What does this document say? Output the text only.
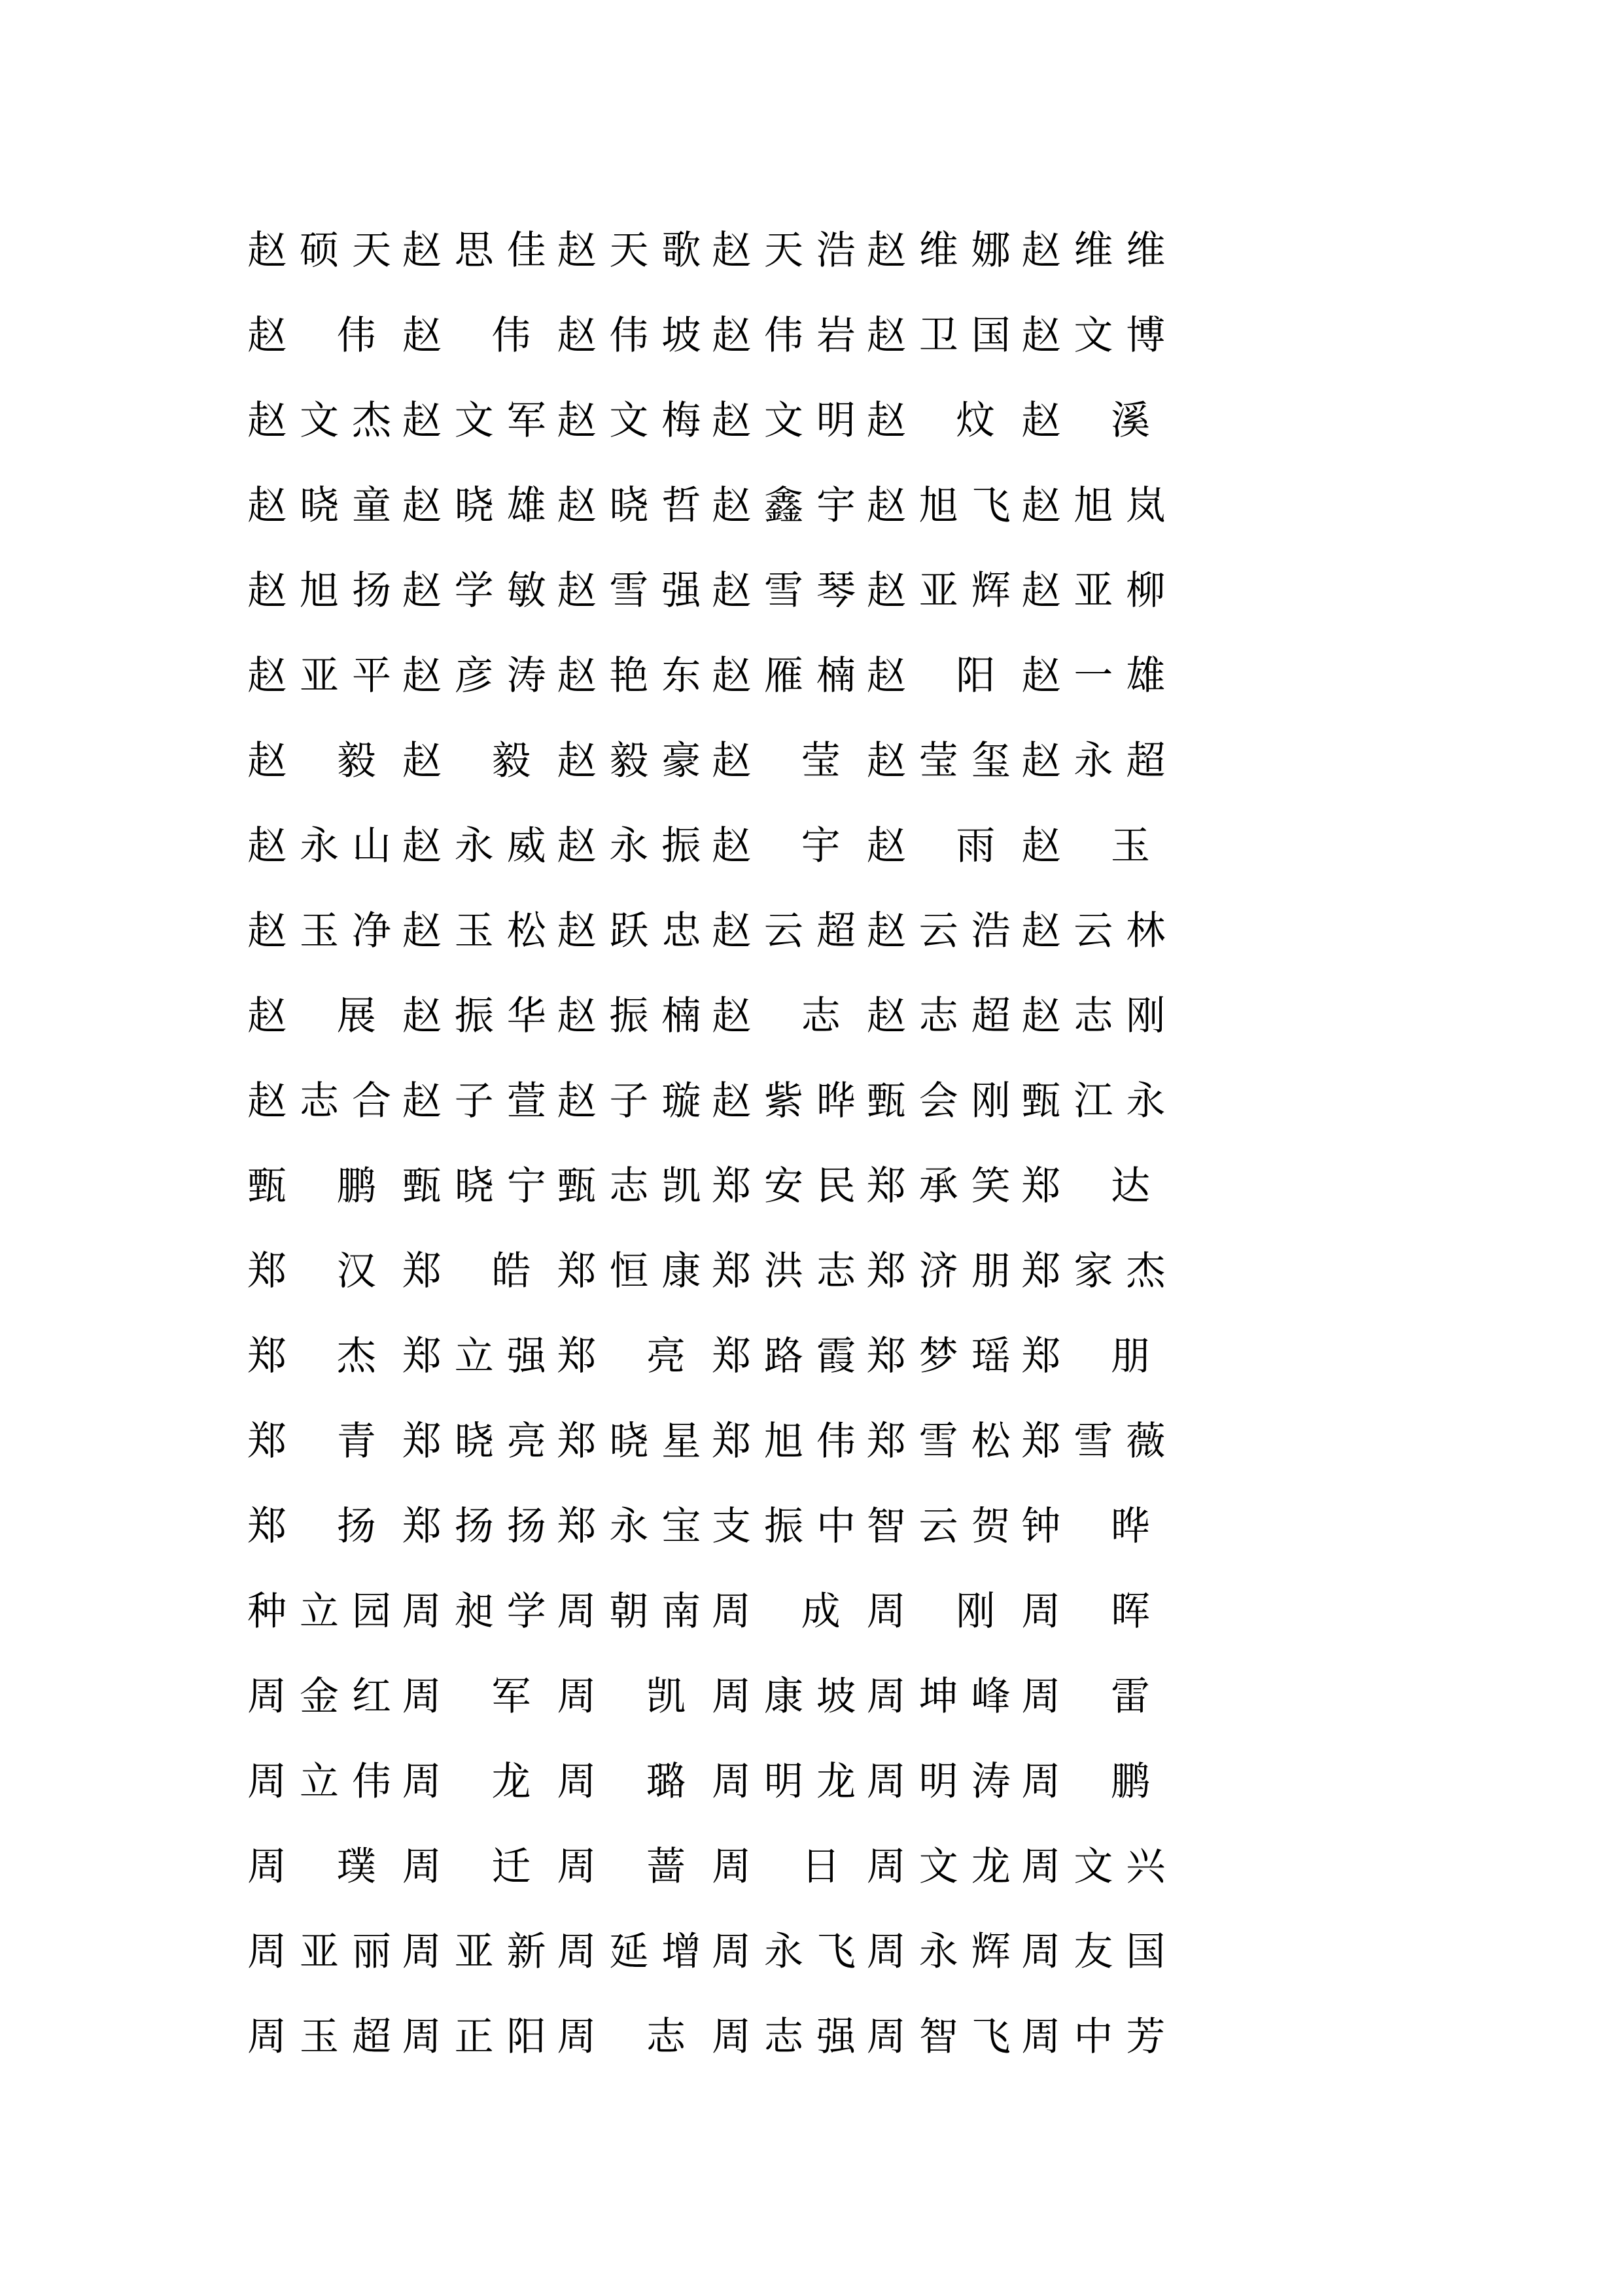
赵 硕 天 赵 思 佳 赵 天 歌 赵 天 浩 赵 维 娜 赵 维 维
赵 伟 赵 伟 赵 伟 坡 赵 伟 岩 赵 卫 国 赵 文 博
赵 文 杰 赵 文 军 赵 文 梅 赵 文 明 赵 炆 赵 溪
赵 晓 童 赵 晓 雄 赵 晓 哲 赵 鑫 宇 赵 旭 飞 赵 旭 岚
赵 旭 扬 赵 学 敏 赵 雪 强 赵 雪 琴 赵 亚 辉 赵 亚 柳
赵 亚 平 赵 彦 涛 赵 艳 东 赵 雁 楠 赵 阳 赵 一 雄
赵 毅 赵 毅 赵 毅 豪 赵 莹 赵 莹 玺 赵 永 超
赵 永 山 赵 永 威 赵 永 振 赵 宇 赵 雨 赵 玉
赵 玉 净 赵 玉 松 赵 跃 忠 赵 云 超 赵 云 浩 赵 云 林
赵 展 赵 振 华 赵 振 楠 赵 志 赵 志 超 赵 志 刚
赵 志 合 赵 子 萱 赵 子 璇 赵 紫 晔 甄 会 刚 甄 江 永
甄 鹏 甄 晓 宁 甄 志 凯 郑 安 民 郑 承 笑 郑 达
郑 汉 郑 皓 郑 恒 康 郑 洪 志 郑 济 朋 郑 家 杰
郑 杰 郑 立 强 郑 亮 郑 路 霞 郑 梦 瑶 郑 朋
郑 青 郑 晓 亮 郑 晓 星 郑 旭 伟 郑 雪 松 郑 雪 薇
郑 扬 郑 扬 扬 郑 永 宝 支 振 中 智 云 贺 钟 晔
种 立 园 周 昶 学 周 朝 南 周 成 周 刚 周 晖
周 金 红 周 军 周 凯 周 康 坡 周 坤 峰 周 雷
周 立 伟 周 龙 周 璐 周 明 龙 周 明 涛 周 鹏
周 璞 周 迁 周 蔷 周 日 周 文 龙 周 文 兴
周 亚 丽 周 亚 新 周 延 增 周 永 飞 周 永 辉 周 友 国
周 玉 超 周 正 阳 周 志 周 志 强 周 智 飞 周 中 芳
